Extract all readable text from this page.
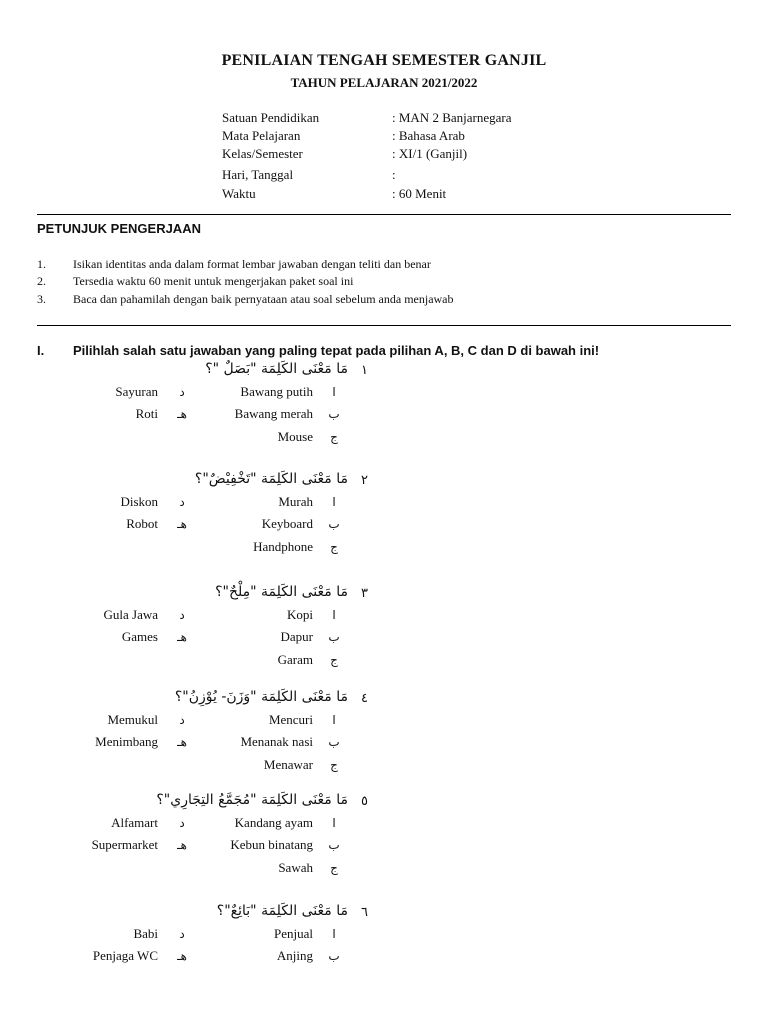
PENILAIAN TENGAH SEMESTER GANJIL
TAHUN PELAJARAN 2021/2022
Satuan Pendidikan	: MAN 2 Banjarnegara
Mata Pelajaran	: Bahasa Arab
Kelas/Semester	: XI/1 (Ganjil)
Hari, Tanggal	:
Waktu	: 60 Menit
PETUNJUK PENGERJAAN
1. Isikan identitas anda dalam format lembar jawaban dengan teliti dan benar
2. Tersedia waktu 60 menit untuk mengerjakan paket soal ini
3. Baca dan pahamilah dengan baik pernyataan atau soal sebelum anda menjawab
I. Pilihlah salah satu jawaban yang paling tepat pada pilihan A, B, C dan D di bawah ini!
١
مَا مَعْنَى الكَلِمَة "بَصَلٌ "؟
ا
Bawang putih
ب
Bawang merah
ج
Mouse
د
Sayuran
هـ
Roti
٢
مَا مَعْنَى الكَلِمَة "تَخْفِيْضٌ"؟
ا
Murah
ب
Keyboard
ج
Handphone
د
Diskon
هـ
Robot
٣
مَا مَعْنَى الكَلِمَة "مِلْحٌ"؟
ا
Kopi
ب
Dapur
ج
Garam
د
Gula Jawa
هـ
Games
٤
مَا مَعْنَى الكَلِمَة "وَزَنَ- يُوْزِنُ"؟
ا
Mencuri
ب
Menanak nasi
ج
Menawar
د
Memukul
هـ
Menimbang
٥
مَا مَعْنَى الكَلِمَة "مُجَمَّعُ التِجَارِي"؟
ا
Kandang ayam
ب
Kebun binatang
ج
Sawah
د
Alfamart
هـ
Supermarket
٦
مَا مَعْنَى الكَلِمَة "بَائِعٌ"؟
ا
Penjual
ب
Anjing
د
Babi
هـ
Penjaga WC
